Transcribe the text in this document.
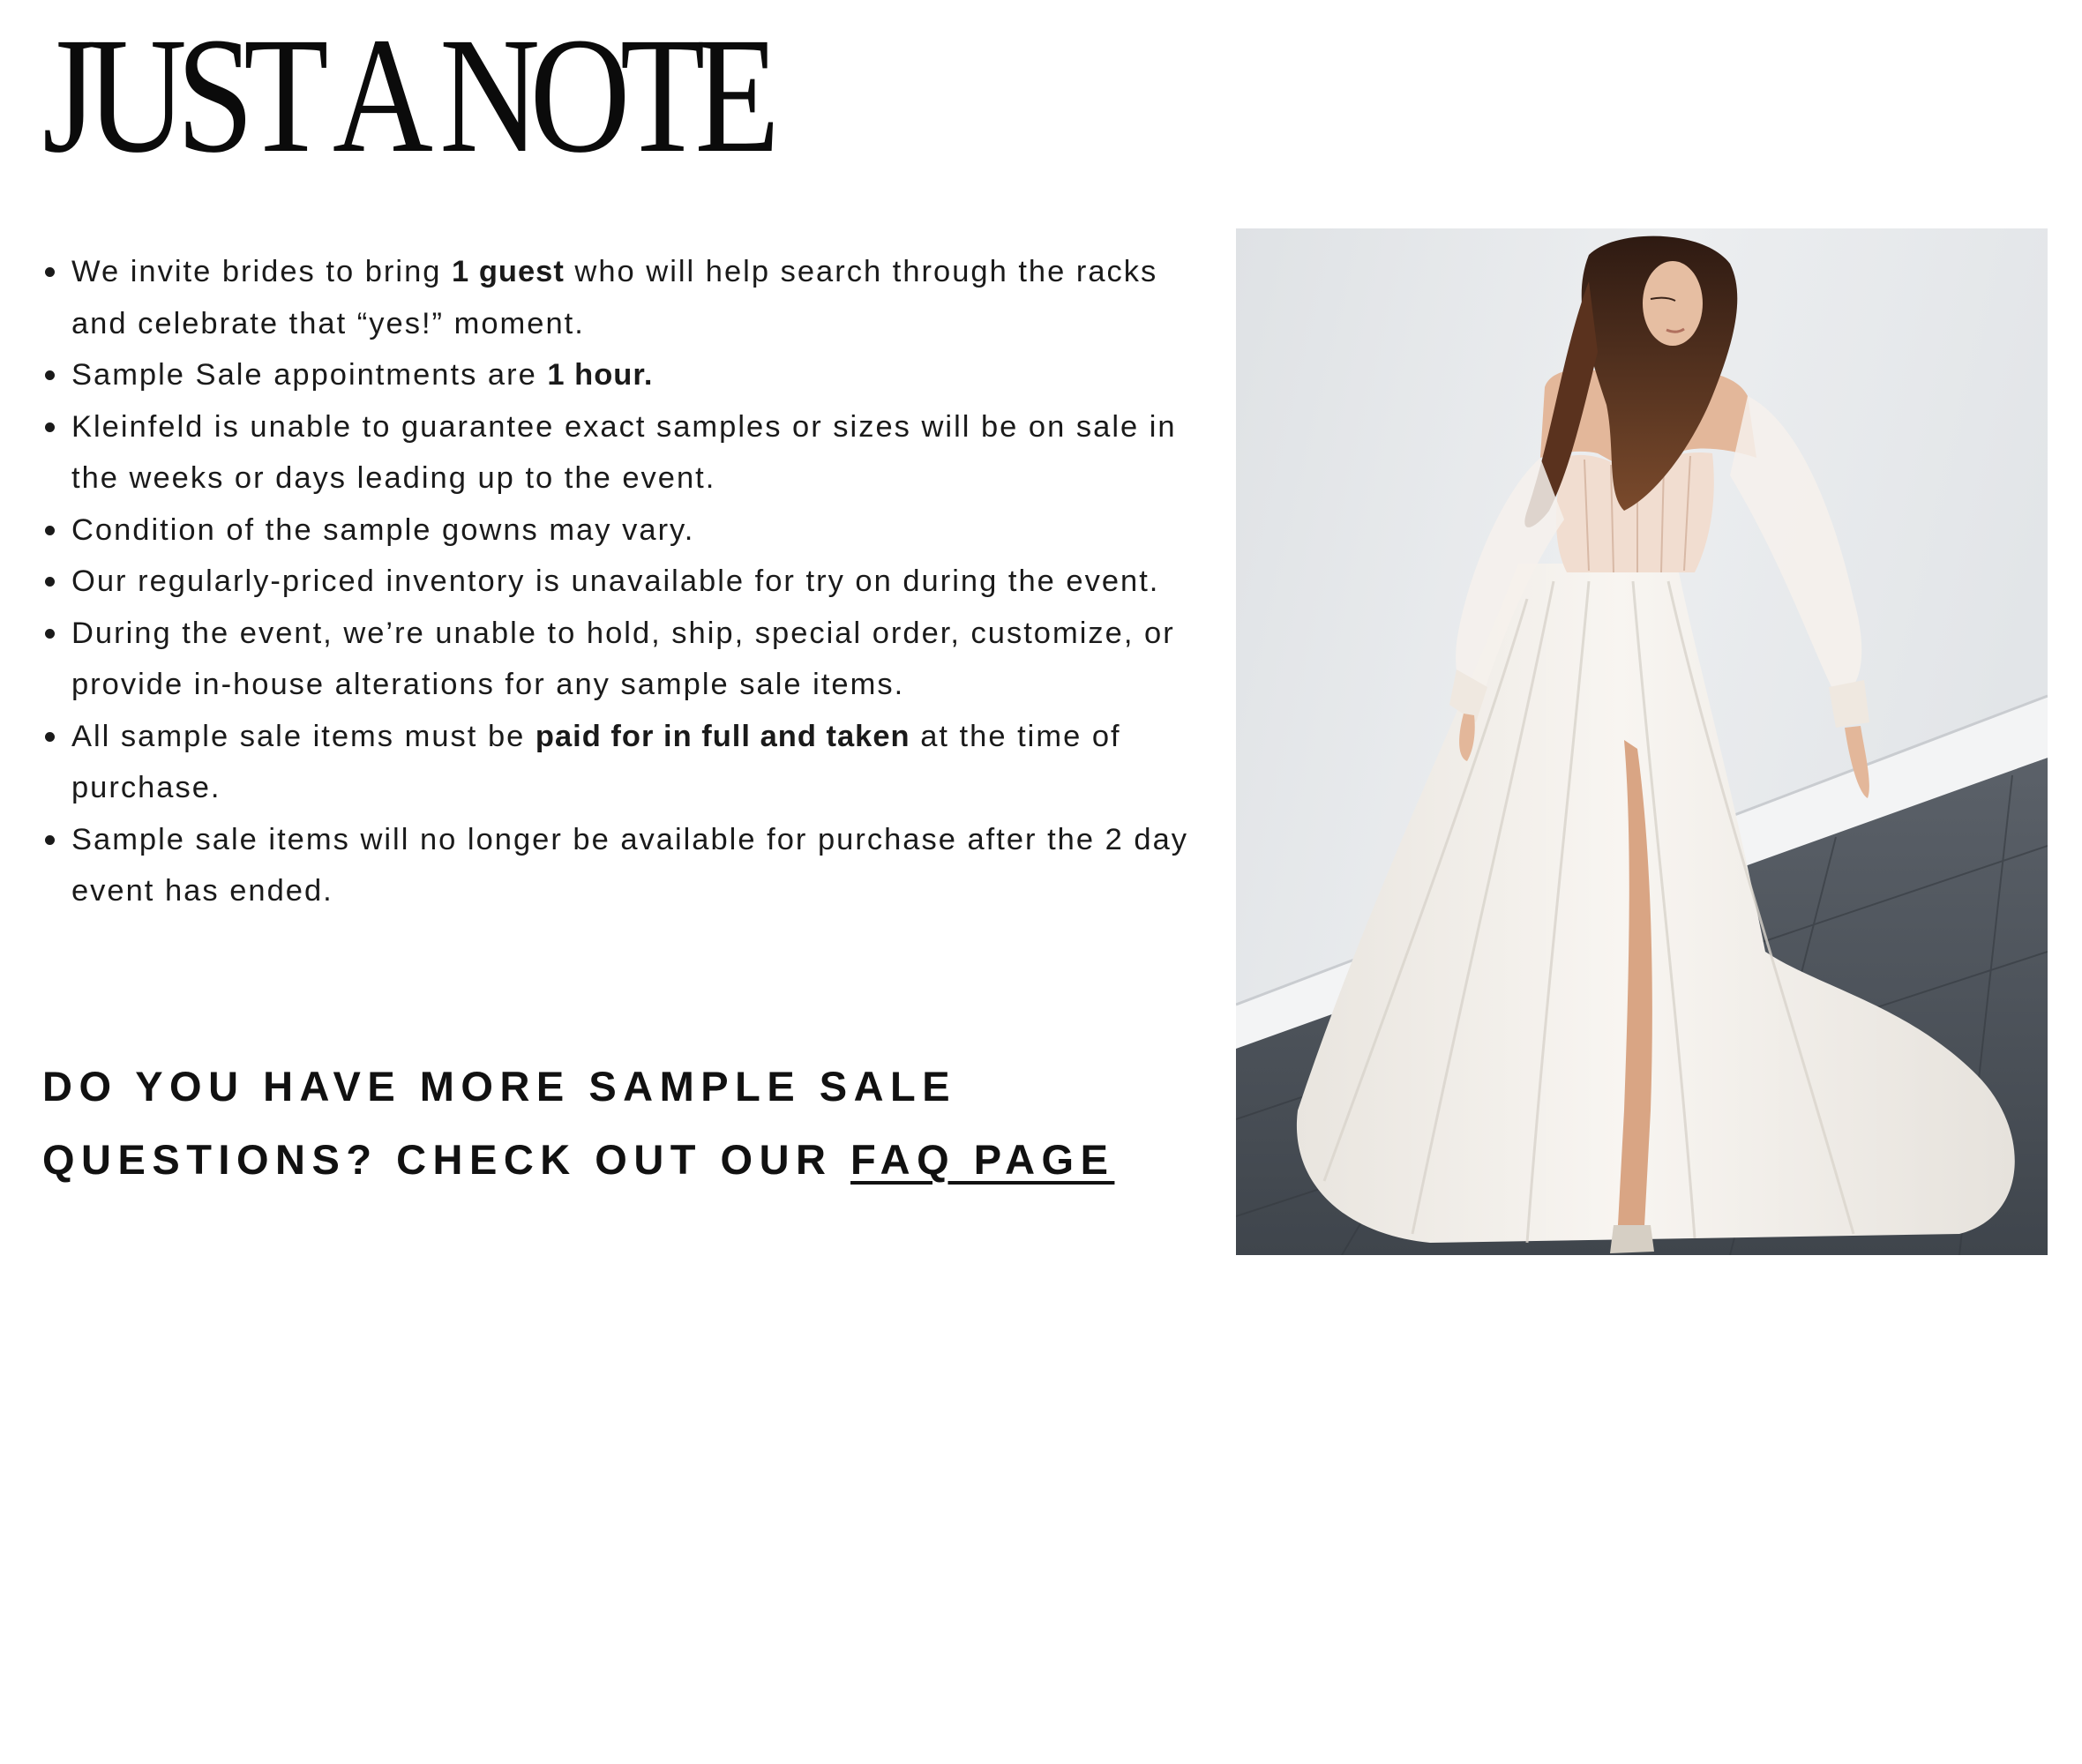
JUST A NOTE
We invite brides to bring 1 guest who will help search through the racks and celebrate that “yes!” moment.
Sample Sale appointments are 1 hour.
Kleinfeld is unable to guarantee exact samples or sizes will be on sale in the weeks or days leading up to the event.
Condition of the sample gowns may vary.
Our regularly-priced inventory is unavailable for try on during the event.
During the event, we’re unable to hold, ship, special order, customize, or provide in-house alterations for any sample sale items.
All sample sale items must be paid for in full and taken at the time of purchase.
Sample sale items will no longer be available for purchase after the 2 day event has ended.
DO YOU HAVE MORE SAMPLE SALE
QUESTIONS? CHECK OUT OUR FAQ PAGE
